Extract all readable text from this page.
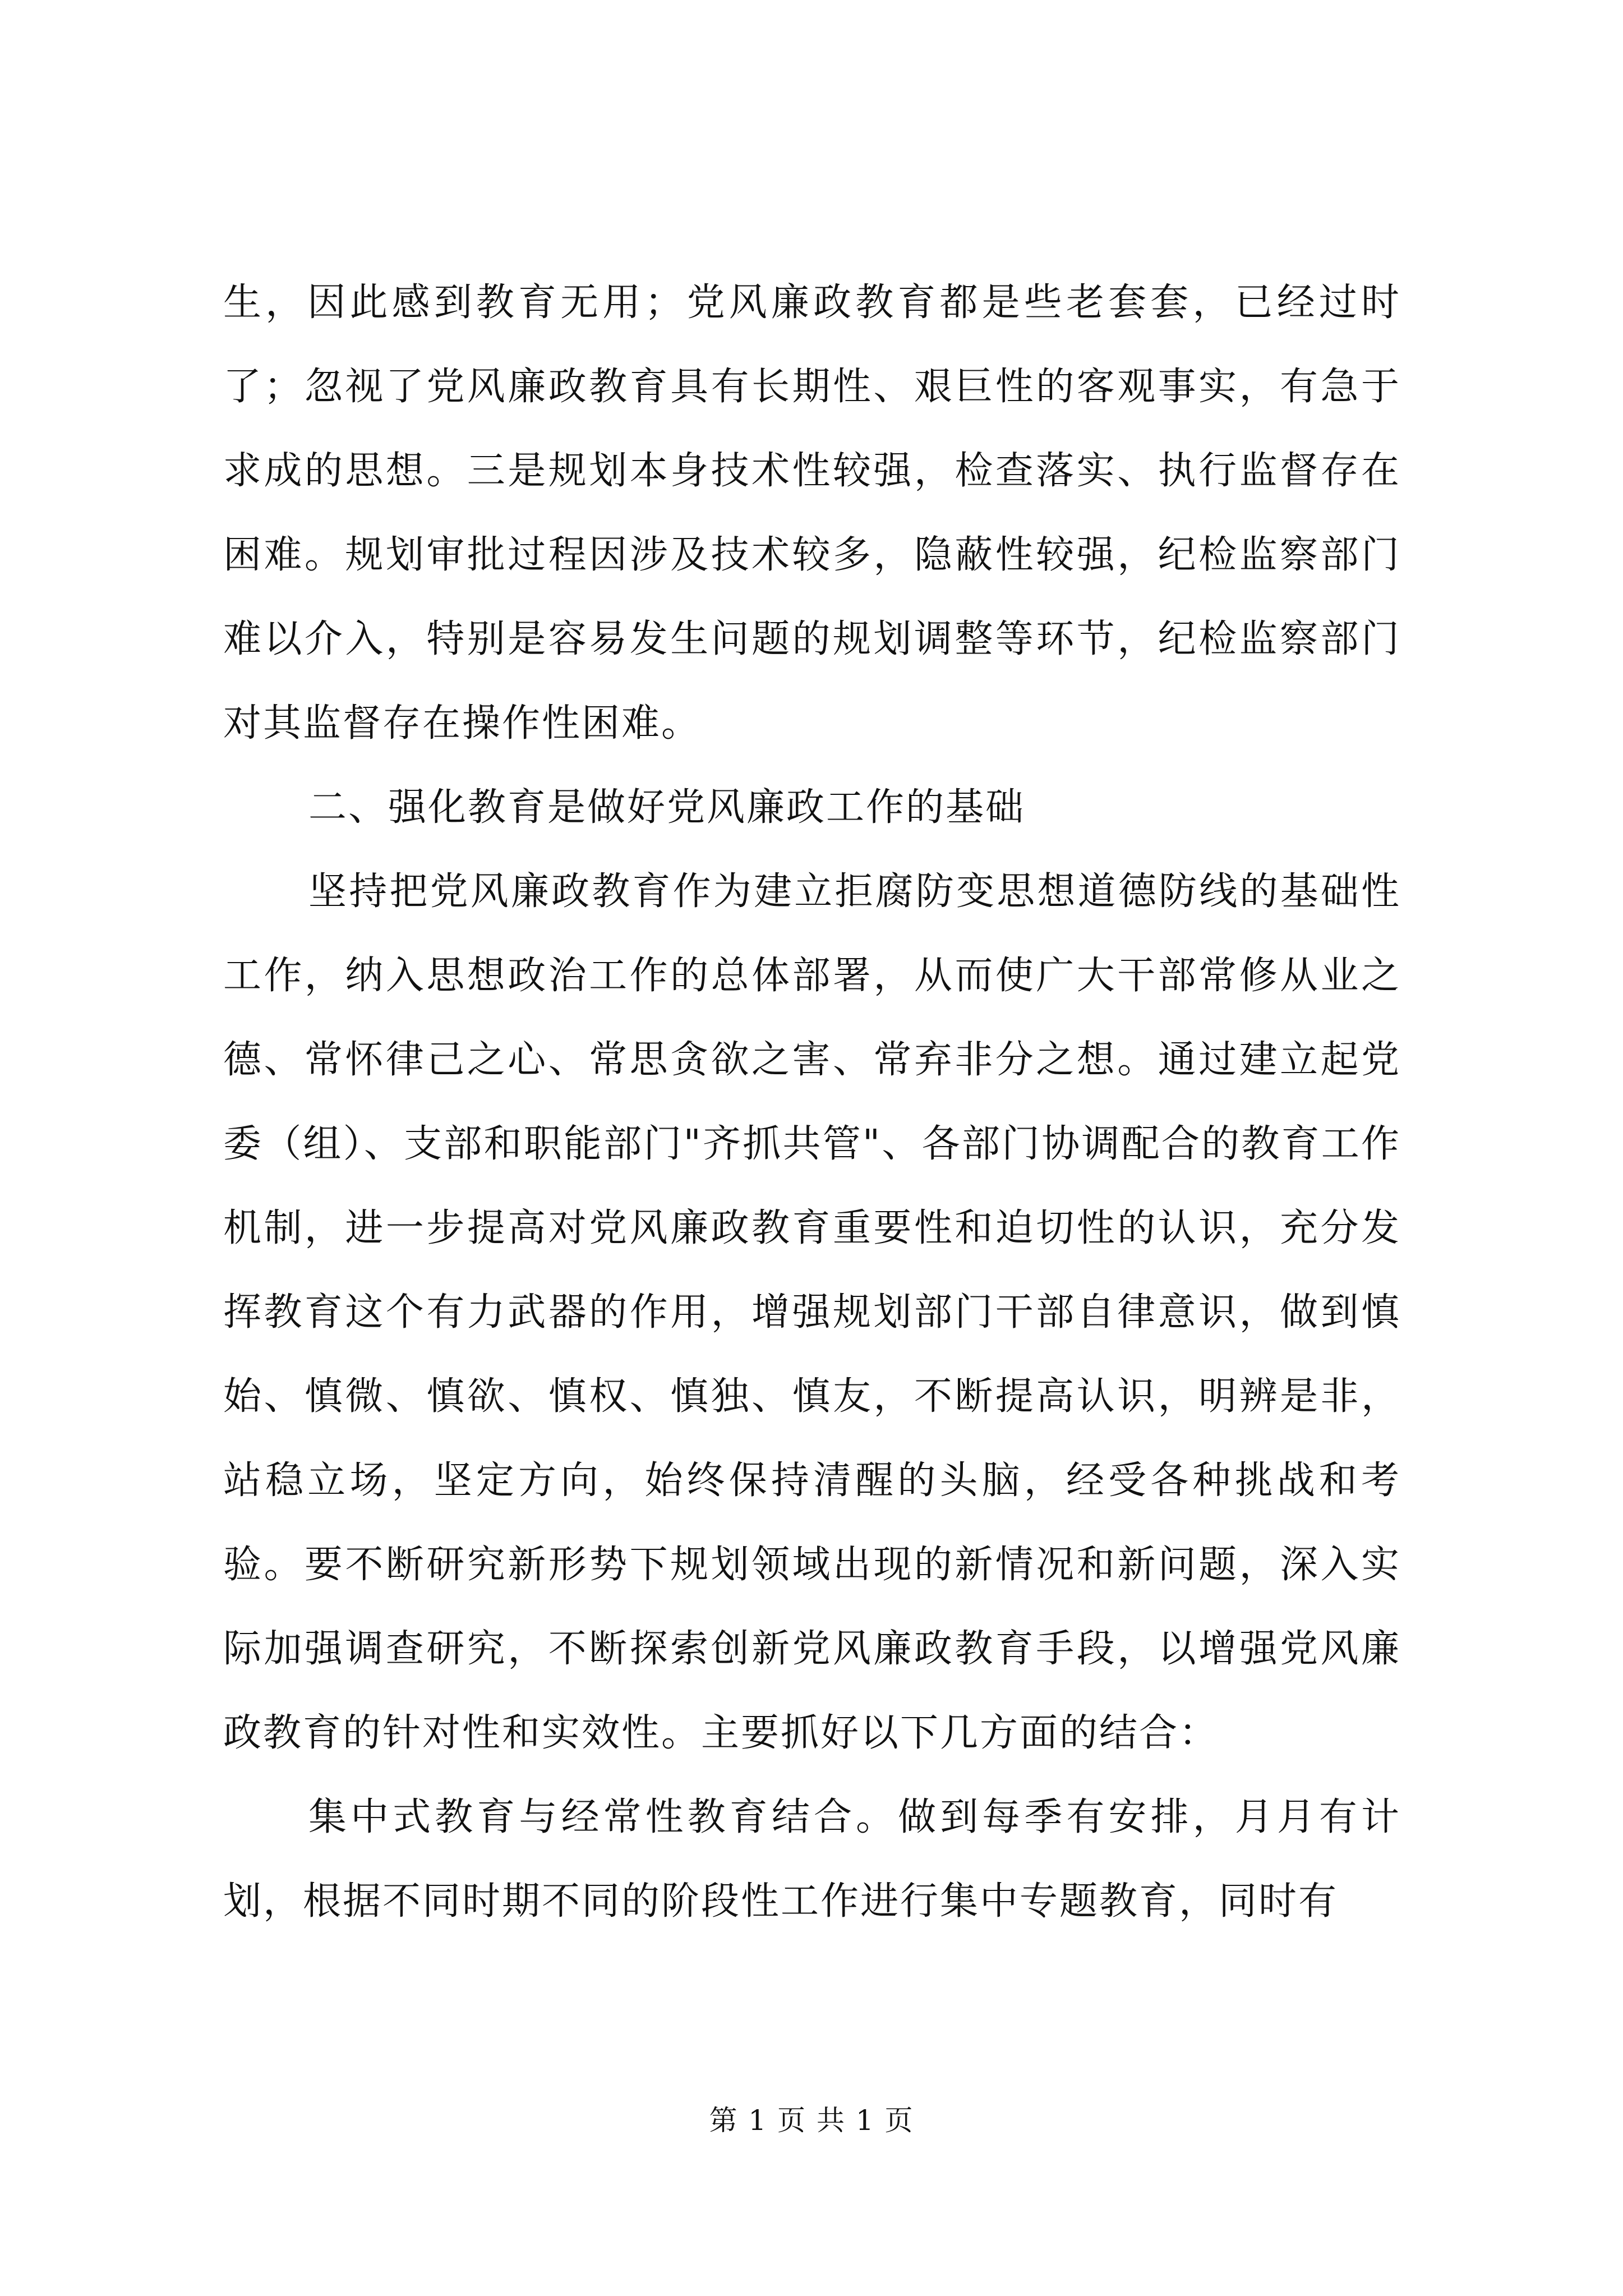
生，因此感到教育无用；党风廉政教育都是些老套套，已经过时了；忽视了党风廉政教育具有长期性、艰巨性的客观事实，有急于求成的思想。三是规划本身技术性较强，检查落实、执行监督存在困难。规划审批过程因涉及技术较多，隐蔽性较强，纪检监察部门难以介入，特别是容易发生问题的规划调整等环节，纪检监察部门对其监督存在操作性困难。

二、强化教育是做好党风廉政工作的基础

坚持把党风廉政教育作为建立拒腐防变思想道德防线的基础性工作，纳入思想政治工作的总体部署，从而使广大干部常修从业之德、常怀律己之心、常思贪欲之害、常弃非分之想。通过建立起党委（组）、支部和职能部门"齐抓共管"、各部门协调配合的教育工作机制，进一步提高对党风廉政教育重要性和迫切性的认识，充分发挥教育这个有力武器的作用，增强规划部门干部自律意识，做到慎始、慎微、慎欲、慎权、慎独、慎友，不断提高认识，明辨是非，站稳立场，坚定方向，始终保持清醒的头脑，经受各种挑战和考验。要不断研究新形势下规划领域出现的新情况和新问题，深入实际加强调查研究，不断探索创新党风廉政教育手段，以增强党风廉政教育的针对性和实效性。主要抓好以下几方面的结合：

集中式教育与经常性教育结合。做到每季有安排，月月有计划，根据不同时期不同的阶段性工作进行集中专题教育，同时有

第 1 页 共 1 页
